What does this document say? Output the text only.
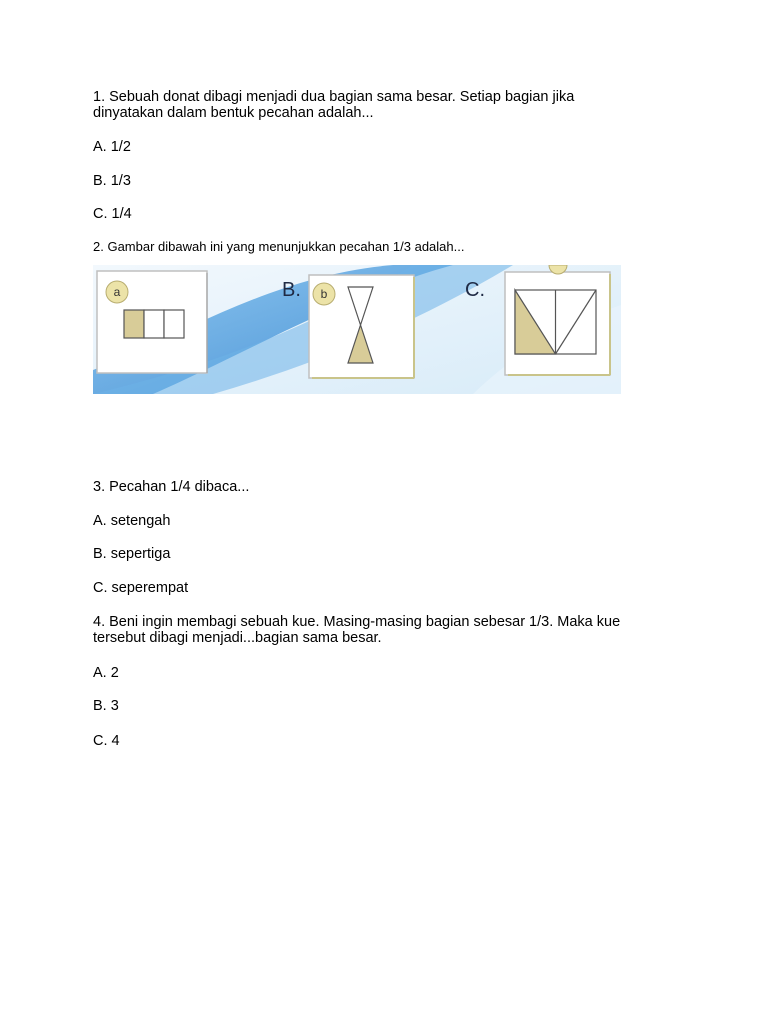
1. Sebuah donat dibagi menjadi dua bagian sama besar. Setiap bagian jika
dinyatakan dalam bentuk pecahan adalah...

A. 1/2

B. 1/3

C. 1/4

2. Gambar dibawah ini yang menunjukkan pecahan 1/3 adalah...

a	B. b	C.

3. Pecahan 1/4 dibaca...

A. setengah

B. sepertiga

C. seperempat

4. Beni ingin membagi sebuah kue. Masing-masing bagian sebesar 1/3. Maka kue
tersebut dibagi menjadi...bagian sama besar.

A. 2

B. 3

C. 4
